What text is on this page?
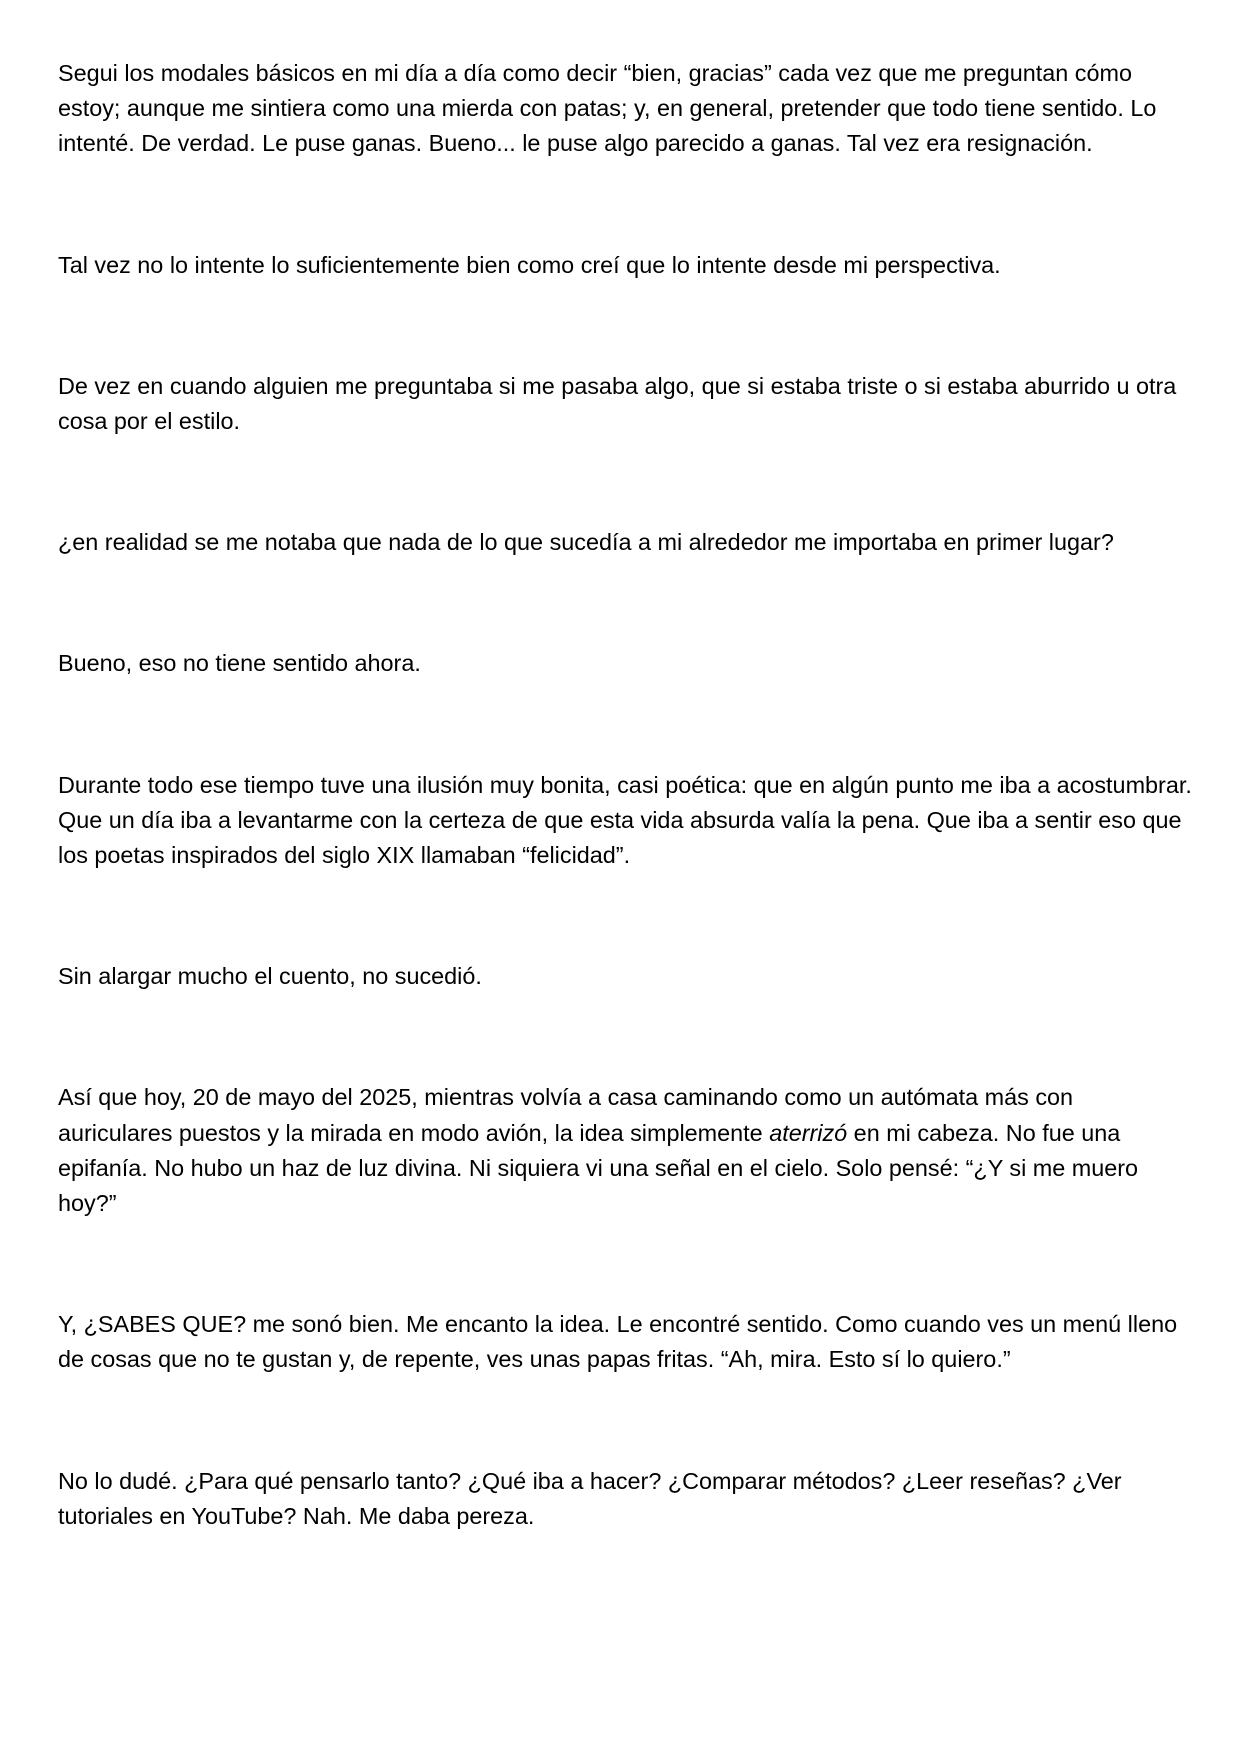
Segui los modales básicos en mi día a día como decir “bien, gracias” cada vez que me preguntan cómo estoy; aunque me sintiera como una mierda con patas; y, en general, pretender que todo tiene sentido. Lo intenté. De verdad. Le puse ganas. Bueno... le puse algo parecido a ganas. Tal vez era resignación.

Tal vez no lo intente lo suficientemente bien como creí que lo intente desde mi perspectiva.

De vez en cuando alguien me preguntaba si me pasaba algo, que si estaba triste o si estaba aburrido u otra cosa por el estilo.

¿en realidad se me notaba que nada de lo que sucedía a mi alrededor me importaba en primer lugar?

Bueno, eso no tiene sentido ahora.

Durante todo ese tiempo tuve una ilusión muy bonita, casi poética: que en algún punto me iba a acostumbrar. Que un día iba a levantarme con la certeza de que esta vida absurda valía la pena. Que iba a sentir eso que los poetas inspirados del siglo XIX llamaban “felicidad”.

Sin alargar mucho el cuento, no sucedió.

Así que hoy, 20 de mayo del 2025, mientras volvía a casa caminando como un autómata más con auriculares puestos y la mirada en modo avión, la idea simplemente aterrizó en mi cabeza. No fue una epifanía. No hubo un haz de luz divina. Ni siquiera vi una señal en el cielo. Solo pensé: “¿Y si me muero hoy?”

Y, ¿SABES QUE? me sonó bien. Me encanto la idea. Le encontré sentido. Como cuando ves un menú lleno de cosas que no te gustan y, de repente, ves unas papas fritas. “Ah, mira. Esto sí lo quiero.”

No lo dudé. ¿Para qué pensarlo tanto? ¿Qué iba a hacer? ¿Comparar métodos? ¿Leer reseñas? ¿Ver tutoriales en YouTube? Nah. Me daba pereza.
